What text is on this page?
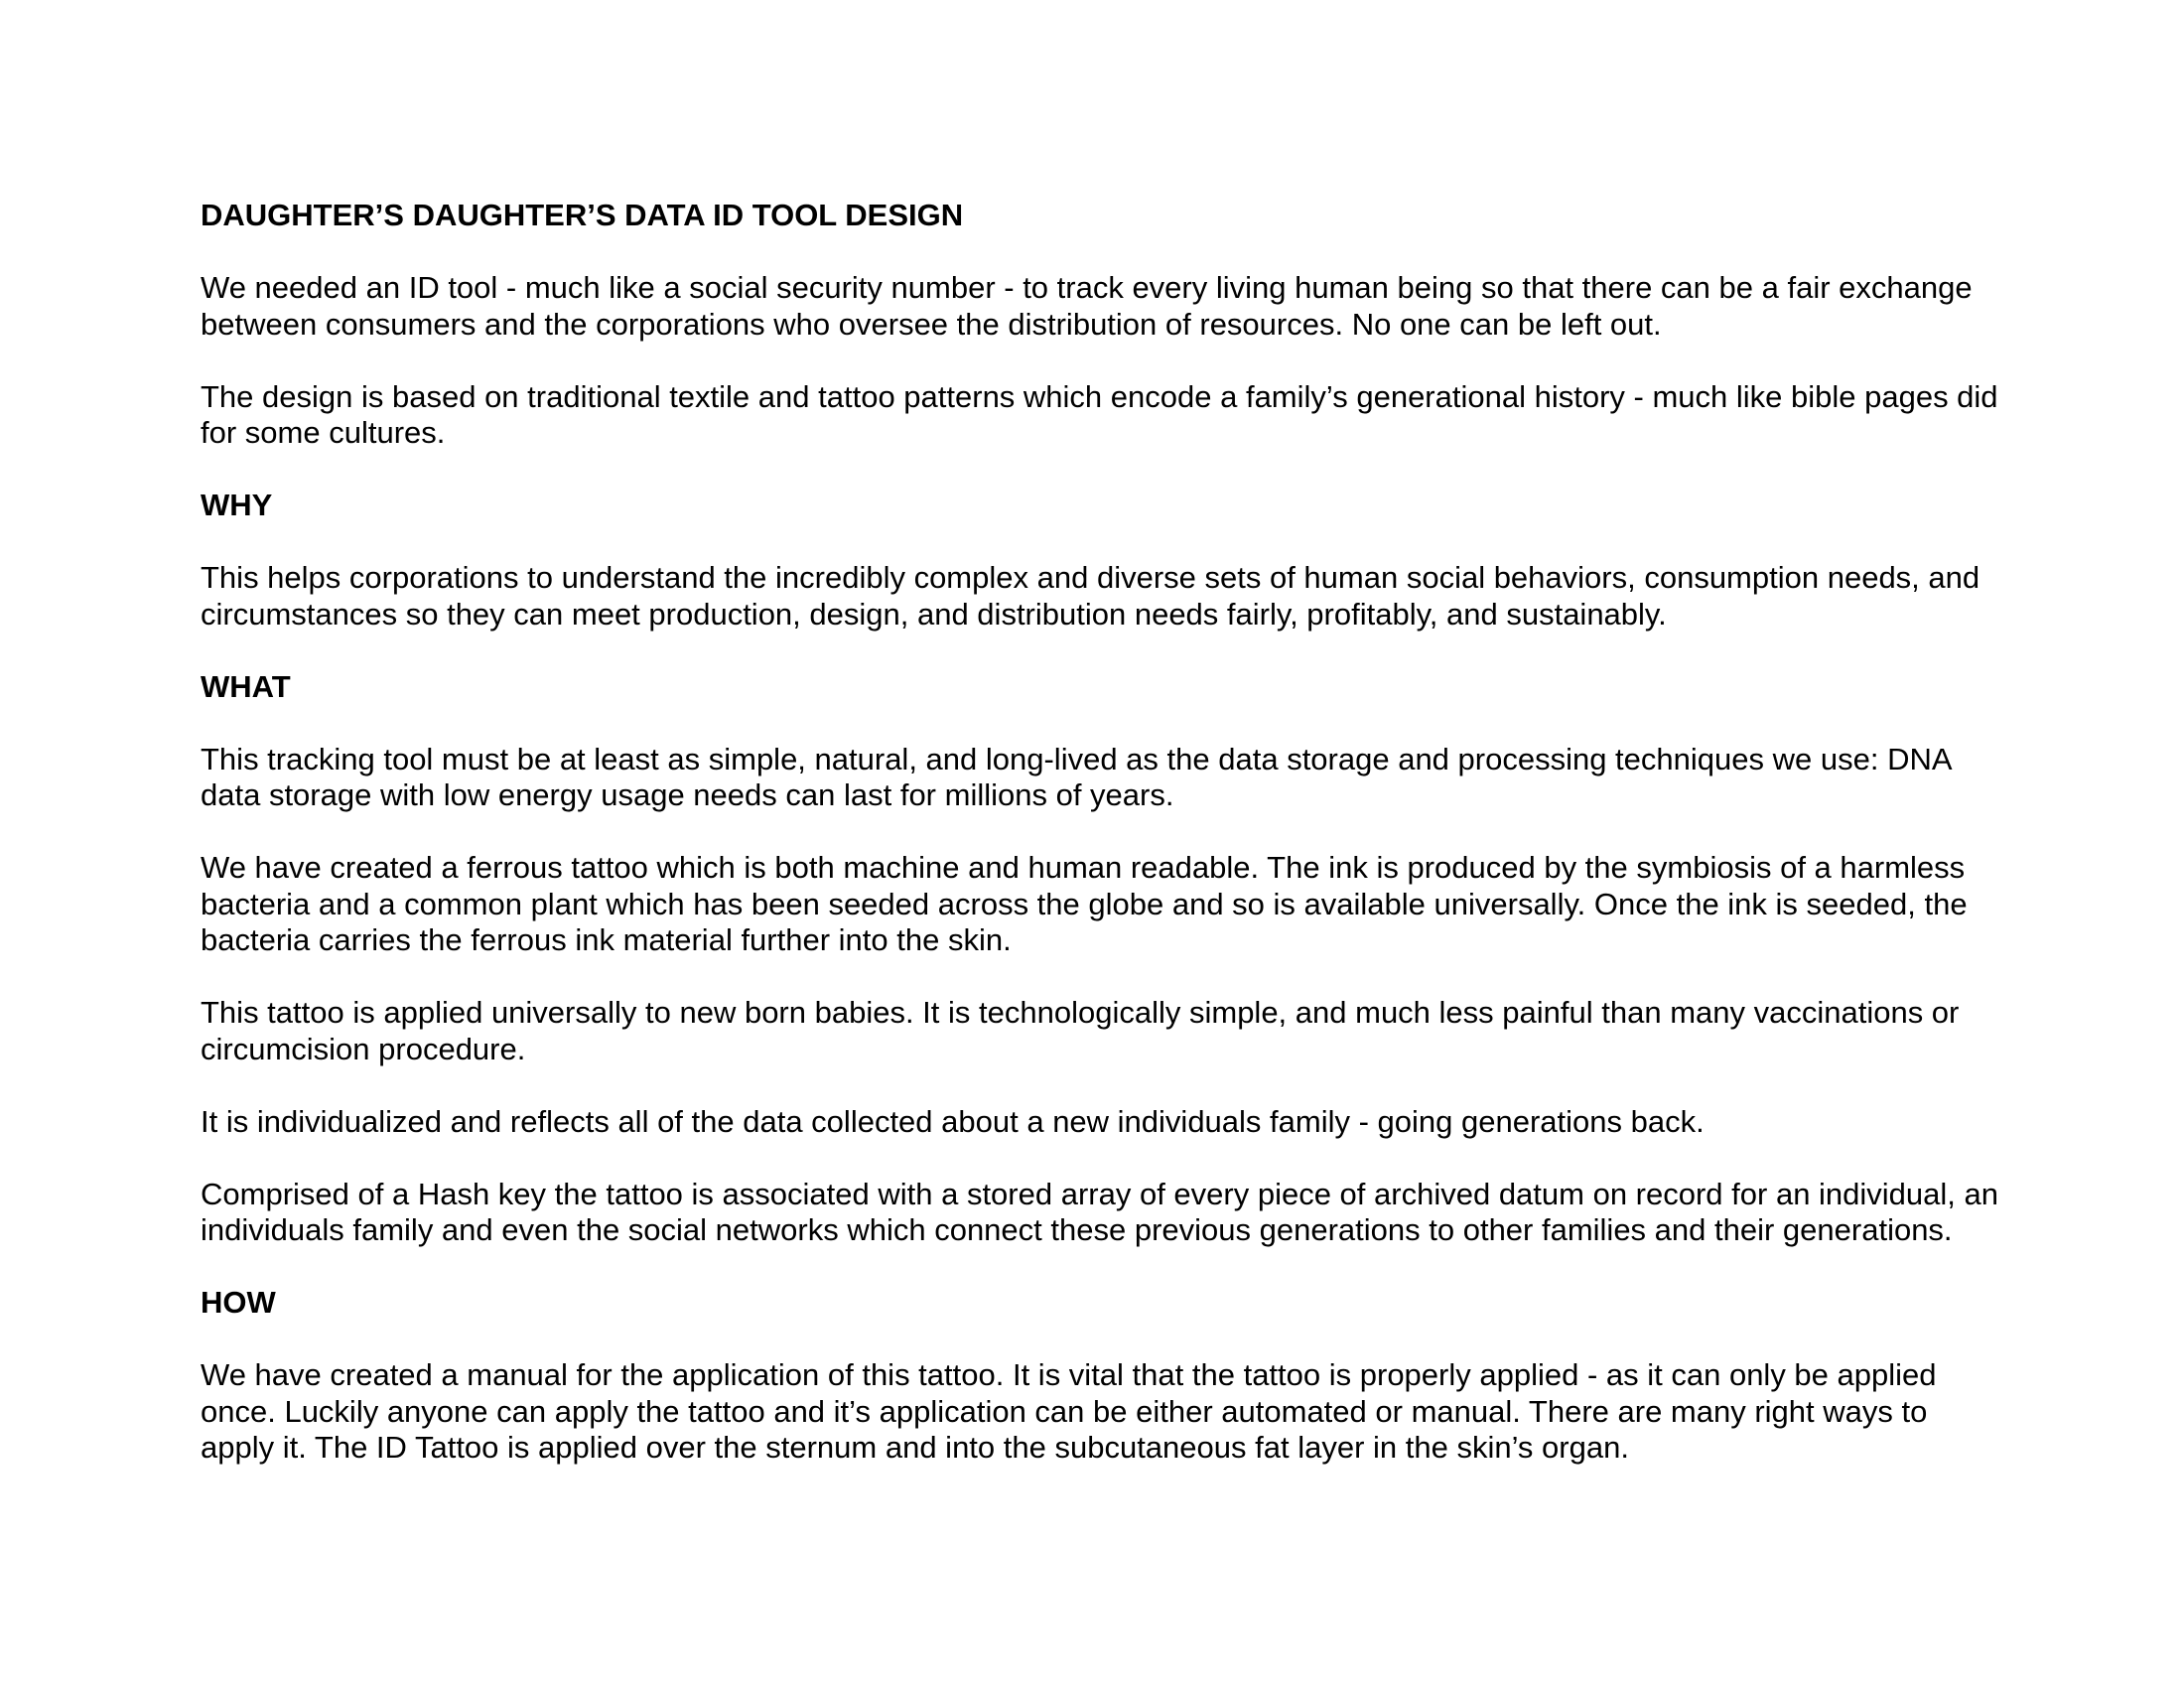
DAUGHTER’S DAUGHTER’S DATA ID TOOL DESIGN

We needed an ID tool - much like a social security number - to track every living human being so that there can be a fair exchange
between consumers and the corporations who oversee the distribution of resources. No one can be left out.

The design is based on traditional textile and tattoo patterns which encode a family’s generational history - much like bible pages did
for some cultures.

WHY

This helps corporations to understand the incredibly complex and diverse sets of human social behaviors, consumption needs, and
circumstances so they can meet production, design, and distribution needs fairly, profitably, and sustainably.

WHAT

This tracking tool must be at least as simple, natural, and long-lived as the data storage and processing techniques we use: DNA
data storage with low energy usage needs can last for millions of years.

We have created a ferrous tattoo which is both machine and human readable. The ink is produced by the symbiosis of a harmless
bacteria and a common plant which has been seeded across the globe and so is available universally. Once the ink is seeded, the
bacteria carries the ferrous ink material further into the skin.

This tattoo is applied universally to new born babies. It is technologically simple, and much less painful than many vaccinations or
circumcision procedure.

It is individualized and reflects all of the data collected about a new individuals family - going generations back.

Comprised of a Hash key the tattoo is associated with a stored array of every piece of archived datum on record for an individual, an
individuals family and even the social networks which connect these previous generations to other families and their generations.

HOW

We have created a manual for the application of this tattoo. It is vital that the tattoo is properly applied - as it can only be applied
once. Luckily anyone can apply the tattoo and it’s application can be either automated or manual. There are many right ways to
apply it. The ID Tattoo is applied over the sternum and into the subcutaneous fat layer in the skin’s organ.
